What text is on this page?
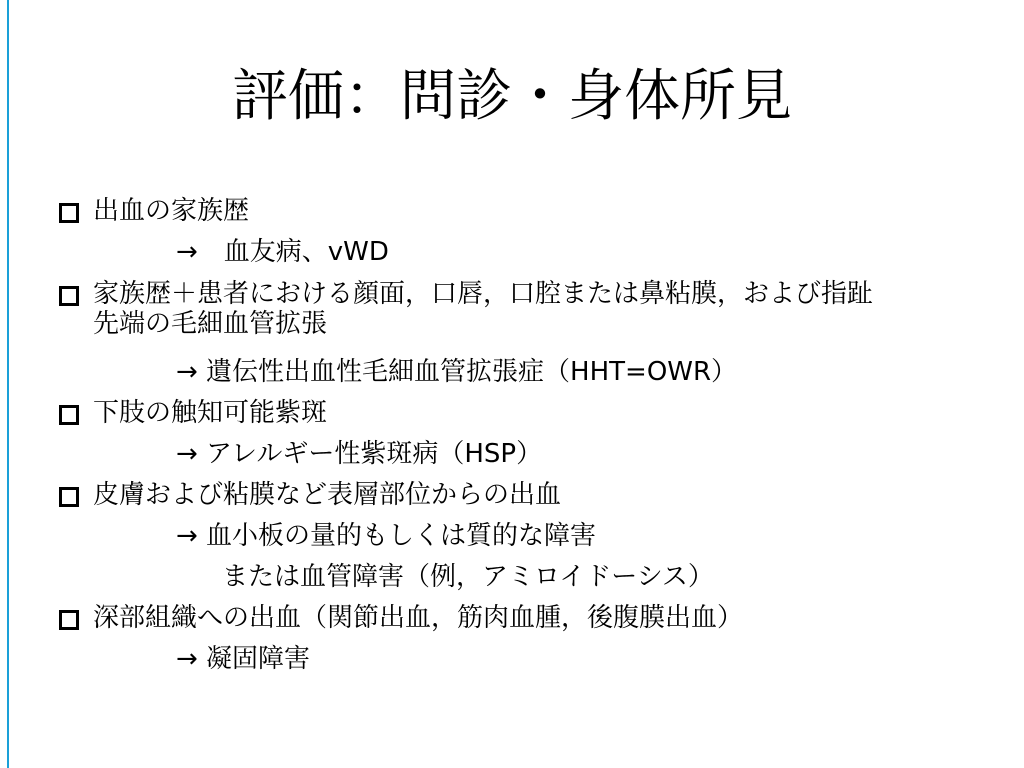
評価：問診・身体所見
出血の家族歴
→　血友病、vWD
家族歴＋患者における顔面，口唇，口腔または鼻粘膜，および指趾
先端の毛細血管拡張
→ 遺伝性出血性毛細血管拡張症（HHT=OWR）
下肢の触知可能紫斑
→ アレルギー性紫斑病（HSP）
皮膚および粘膜など表層部位からの出血
→ 血小板の量的もしくは質的な障害
または血管障害（例，アミロイドーシス）
深部組織への出血（関節出血，筋肉血腫，後腹膜出血）
→ 凝固障害
